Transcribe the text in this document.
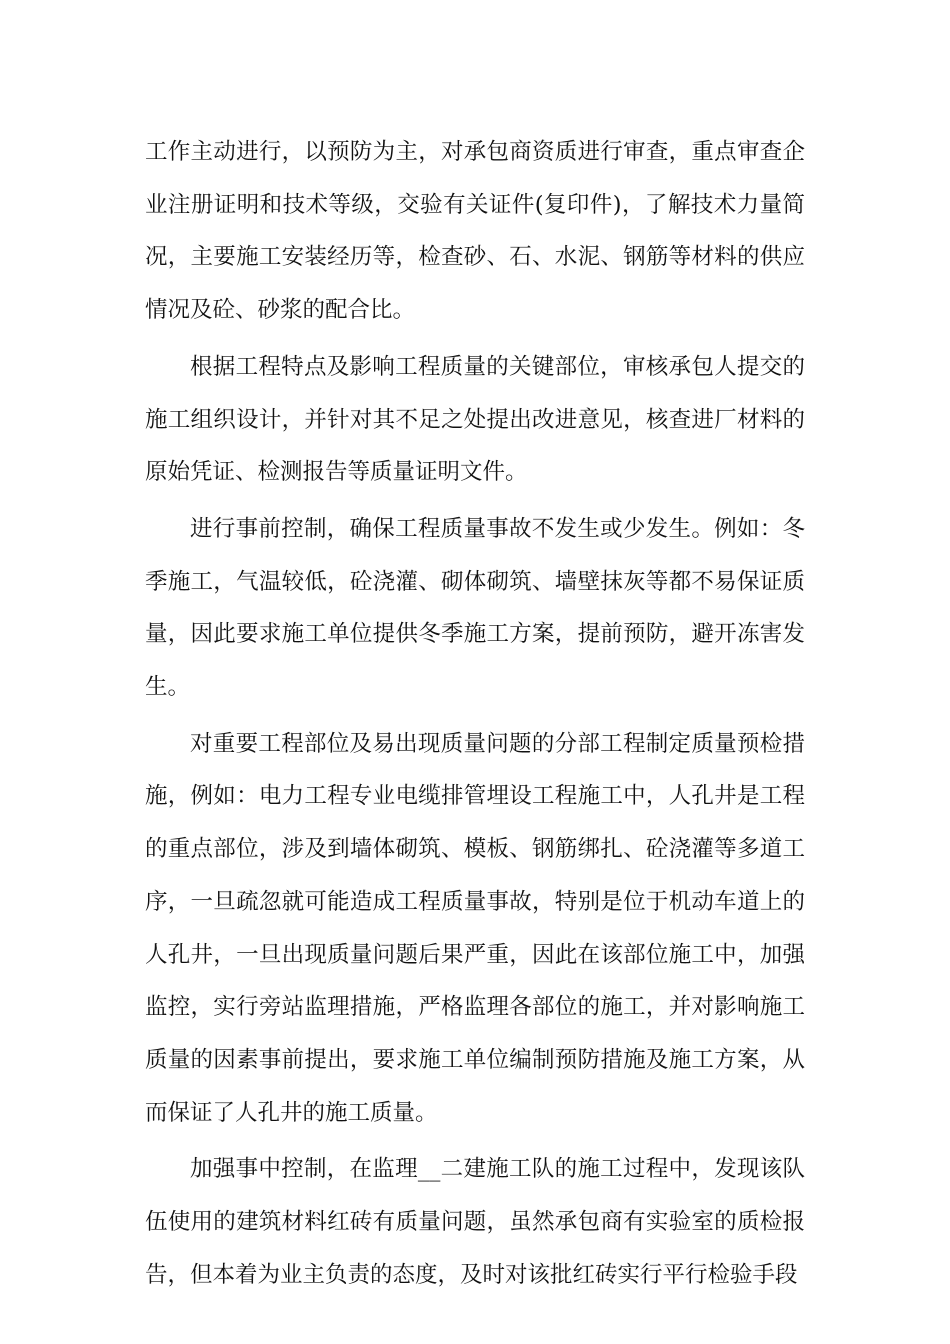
工作主动进行，以预防为主，对承包商资质进行审查，重点审查企业注册证明和技术等级，交验有关证件(复印件)，了解技术力量简况，主要施工安装经历等，检查砂、石、水泥、钢筋等材料的供应情况及砼、砂浆的配合比。

根据工程特点及影响工程质量的关键部位，审核承包人提交的施工组织设计，并针对其不足之处提出改进意见，核查进厂材料的原始凭证、检测报告等质量证明文件。

进行事前控制，确保工程质量事故不发生或少发生。例如：冬季施工，气温较低，砼浇灌、砌体砌筑、墙壁抹灰等都不易保证质量，因此要求施工单位提供冬季施工方案，提前预防，避开冻害发生。

对重要工程部位及易出现质量问题的分部工程制定质量预检措施，例如：电力工程专业电缆排管埋设工程施工中，人孔井是工程的重点部位，涉及到墙体砌筑、模板、钢筋绑扎、砼浇灌等多道工序，一旦疏忽就可能造成工程质量事故，特别是位于机动车道上的人孔井，一旦出现质量问题后果严重，因此在该部位施工中，加强监控，实行旁站监理措施，严格监理各部位的施工，并对影响施工质量的因素事前提出，要求施工单位编制预防措施及施工方案，从而保证了人孔井的施工质量。

加强事中控制，在监理__二建施工队的施工过程中，发现该队伍使用的建筑材料红砖有质量问题，虽然承包商有实验室的质检报告，但本着为业主负责的态度，及时对该批红砖实行平行检验手段
